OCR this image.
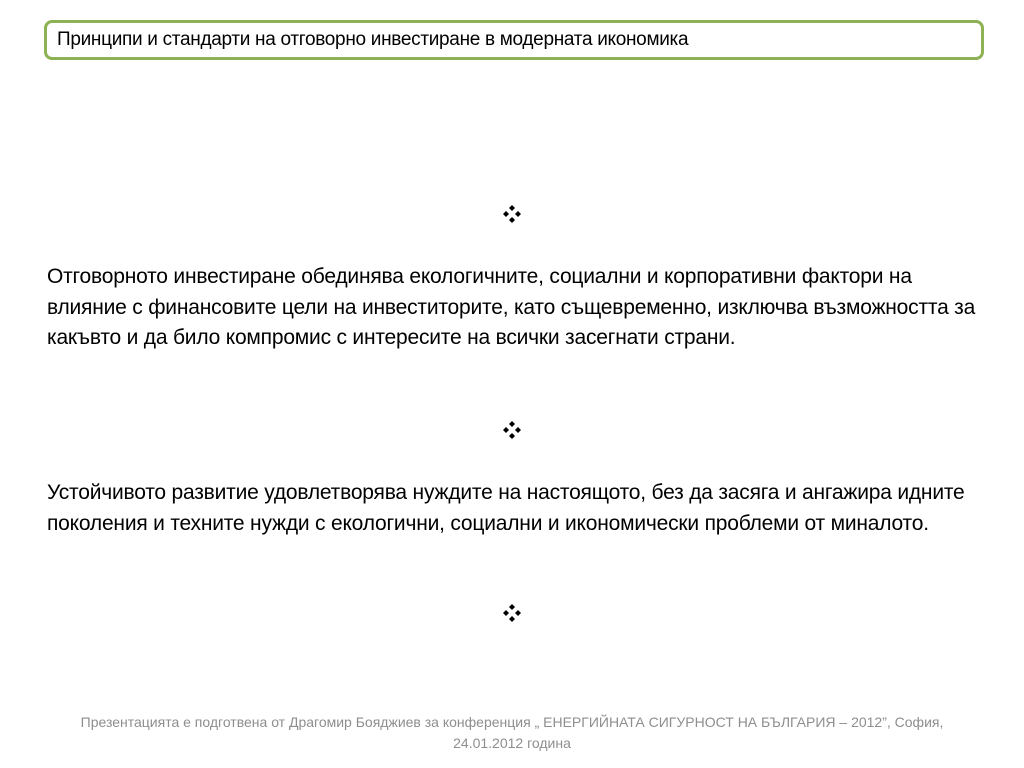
Принципи и стандарти на отговорно инвестиране в модерната икономика

Отговорното инвестиране обединява екологичните, социални и корпоративни фактори на влияние с финансовите цели на инвеститорите, като същевременно, изключва възможността за какъвто и да било компромис с интересите на всички засегнати страни.

Устойчивото развитие удовлетворява нуждите на настоящото, без да засяга и ангажира идните поколения и техните нужди с екологични, социални и икономически проблеми от миналото.

Презентацията е подготвена от Драгомир Бояджиев за конференция „ ЕНЕРГИЙНАТА СИГУРНОСТ НА БЪЛГАРИЯ – 2012”, София,
24.01.2012 година
